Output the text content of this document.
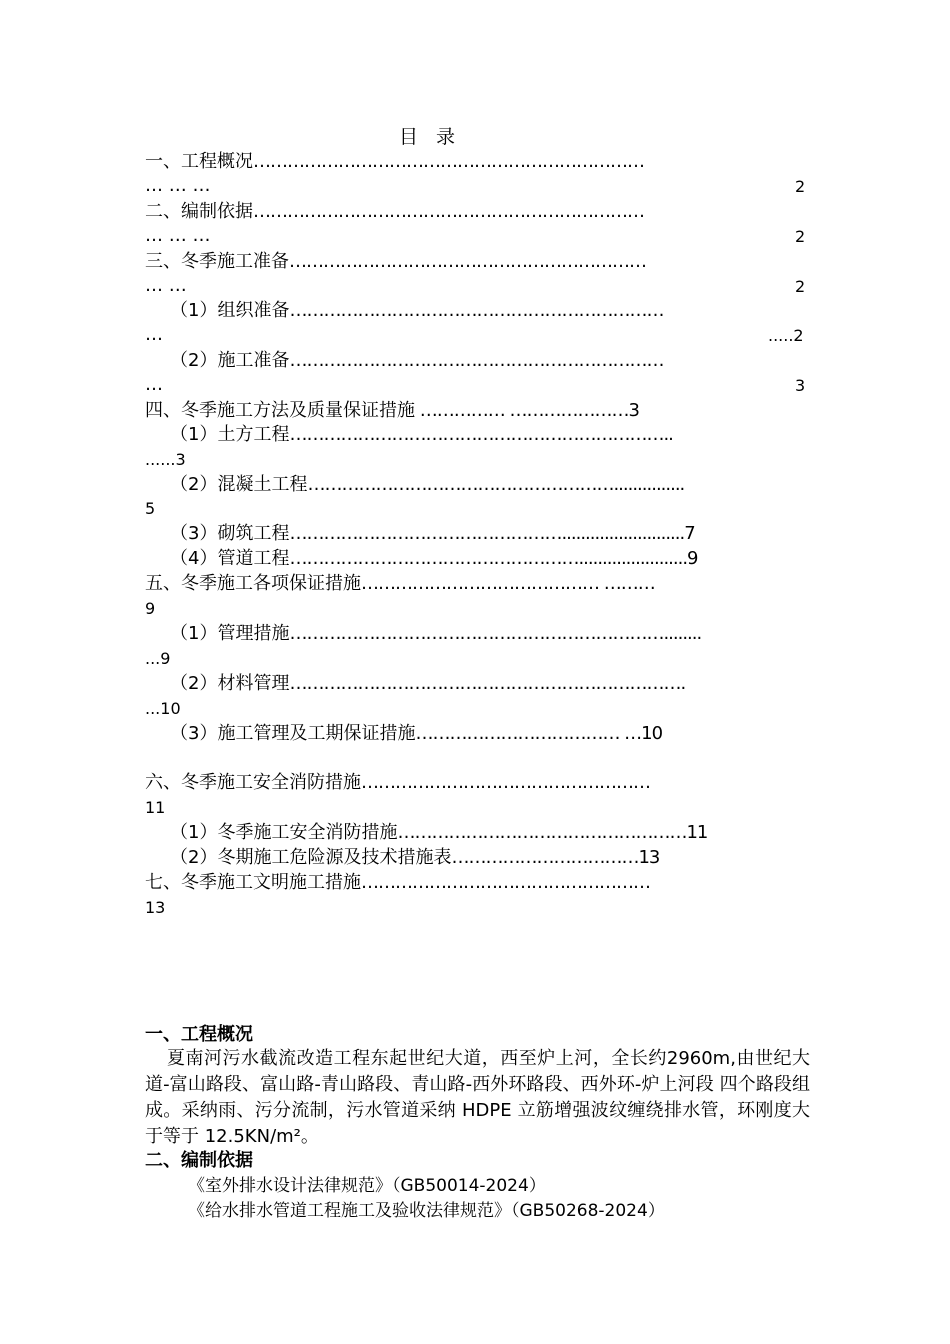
目 录
一、工程概况……………………………………………………………
… … …	2
二、编制依据……………………………………………………………
… … …	2
三、冬季施工准备………………………………………………………
… …	2
（1）组织准备…………………………………………………………
…	.....2
（2）施工准备…………………………………………………………
…	3
四、冬季施工方法及质量保证措施 …………… …………………3
（1）土方工程…………………………………………………………..
......3
（2）混凝土工程………………………………………………...............
5
（3）砌筑工程…………………………………………..........................7
（4）管道工程…………………………………………….......................9
五、冬季施工各项保证措施…………………………………… ………
9
（1）管理措施…………………………………………………………........
...9
（2）材料管理…………………………………………………………….
...10
（3）施工管理及工期保证措施……………………………… …10
六、冬季施工安全消防措施……………………………………………
11
（1）冬季施工安全消防措施……………………………………………11
（2）冬期施工危险源及技术措施表……………………………13
七、冬季施工文明施工措施……………………………………………
13
一、工程概况
夏南河污水截流改造工程东起世纪大道，西至炉上河，全长约2960m,由世纪大道-富山路段、富山路-青山路段、青山路-西外环路段、西外环-炉上河段 四个路段组成。采纳雨、污分流制，污水管道采纳 HDPE 立筋增强波纹缠绕排水管，环刚度大于等于 12.5KN/m²。
二、编制依据
《室外排水设计法律规范》（GB50014-2024）
《给水排水管道工程施工及验收法律规范》（GB50268-2024）
